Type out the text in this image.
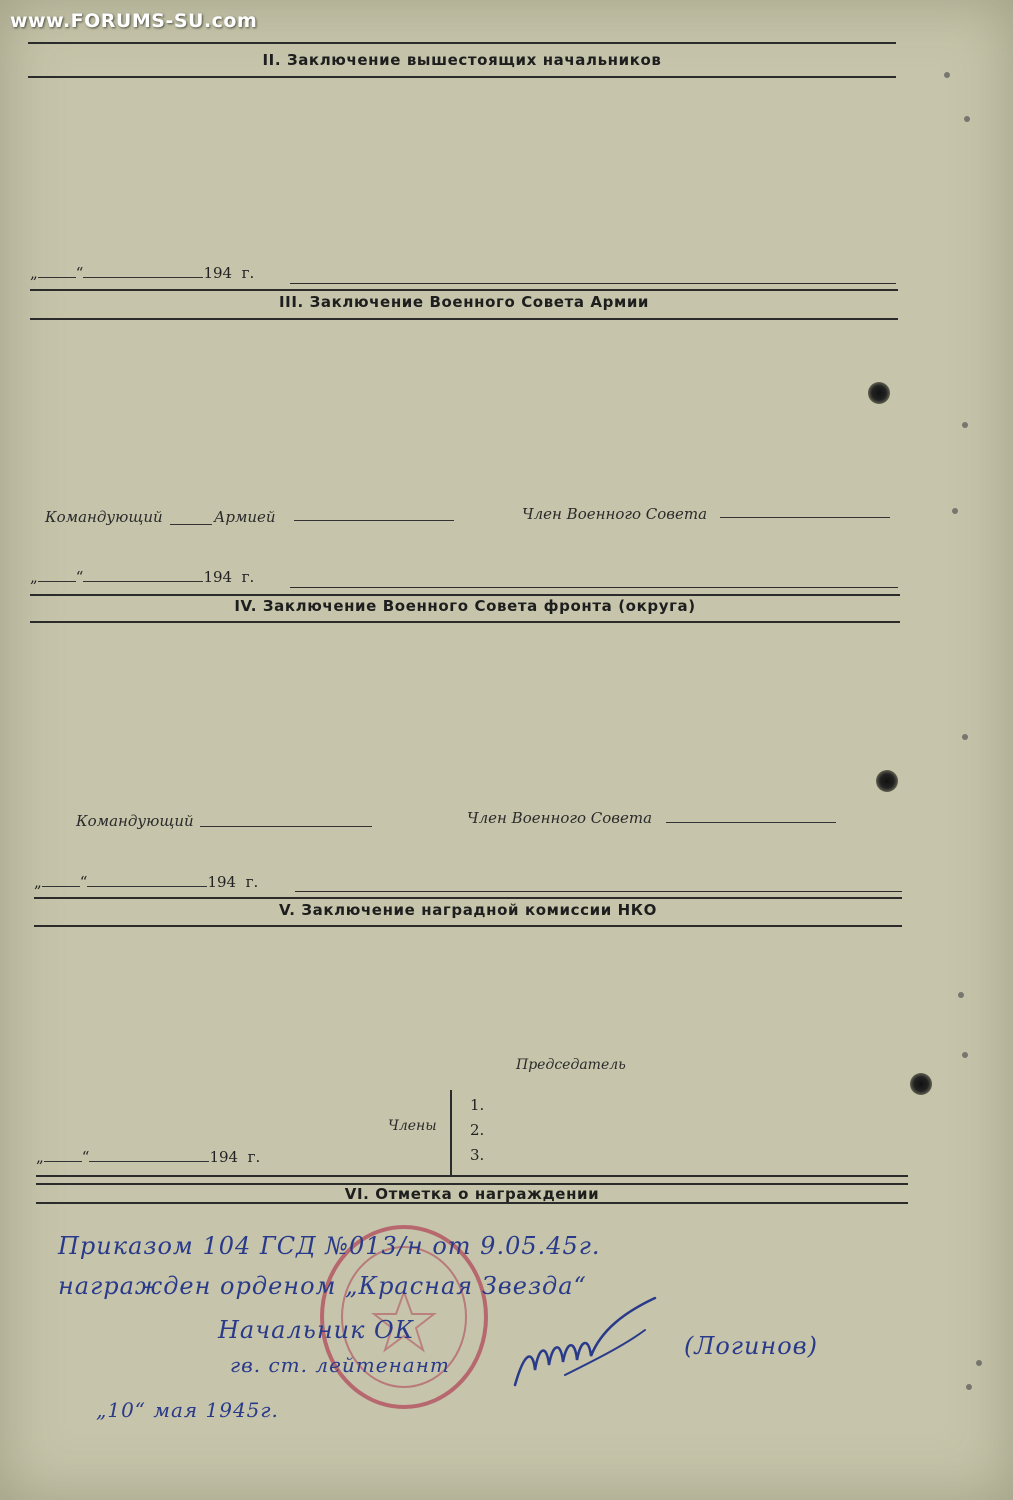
www.FORUMS-SU.com
II. Заключение вышестоящих начальников
„	“	194 г.
III. Заключение Военного Совета Армии
Командующий	Армией	Член Военного Совета
„	“	194 г.
IV. Заключение Военного Совета фронта (округа)
Командующий	Член Военного Совета
„	“	194 г.
V. Заключение наградной комиссии НКО
Председатель
Члены
1.
2.
3.
„	“	194 г.
VI. Отметка о награждении
Приказом 104 ГСД №013/н от 9.05.45г.
награжден орденом „Красная Звезда“
Начальник ОК
гв. ст. лейтенант
(Логинов)
„10“ мая 1945г.
